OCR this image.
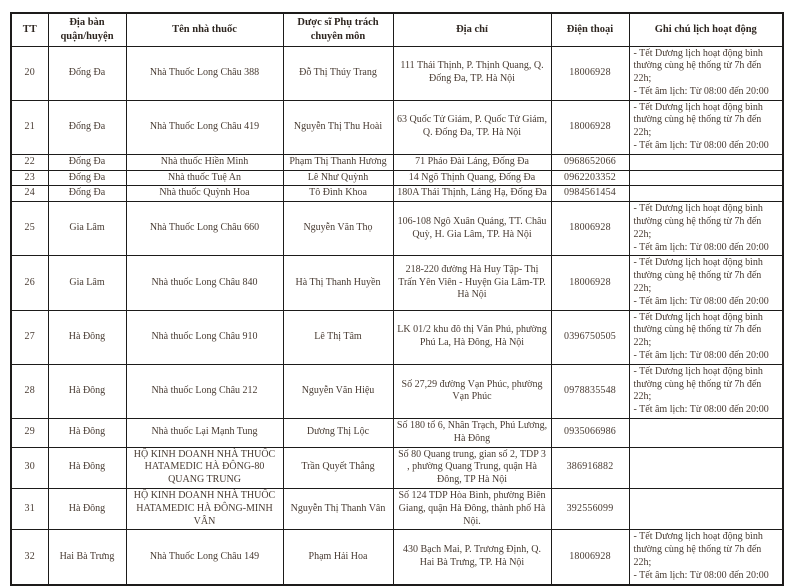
TT	Địa bàn quận/huyện	Tên nhà thuốc	Dược sĩ Phụ trách chuyên môn	Địa chỉ	Điện thoại	Ghi chú lịch hoạt động
20	Đống Đa	Nhà Thuốc Long Châu 388	Đỗ Thị Thúy Trang	111 Thái Thịnh, P. Thịnh Quang, Q. Đống Đa, TP. Hà Nội	18006928	- Tết Dương lịch hoạt động bình thường cùng hệ thống từ 7h đến 22h;
- Tết âm lịch: Từ 08:00 đến 20:00

21	Đống Đa	Nhà Thuốc Long Châu 419	Nguyễn Thị Thu Hoài	63 Quốc Tử Giám, P. Quốc Tử Giám, Q. Đống Đa, TP. Hà Nội	18006928	- Tết Dương lịch hoạt động bình thường cùng hệ thống từ 7h đến 22h;
- Tết âm lịch: Từ 08:00 đến 20:00

22	Đống Đa	Nhà thuốc Hiền Minh	Phạm Thị Thanh Hương	71 Pháo Đài Láng, Đống Đa	0968652066	
23	Đống Đa	Nhà thuốc Tuệ An	Lê Như Quỳnh	14 Ngõ Thịnh Quang, Đống Đa	0962203352	
24	Đống Đa	Nhà thuốc Quỳnh Hoa	Tô Đình Khoa	180A Thái Thịnh, Láng Hạ, Đống Đa	0984561454	
25	Gia Lâm	Nhà Thuốc Long Châu 660	Nguyễn Văn Thọ	106-108 Ngô Xuân Quảng, TT. Châu Quỳ, H. Gia Lâm, TP. Hà Nội	18006928	- Tết Dương lịch hoạt động bình thường cùng hệ thống từ 7h đến 22h;
- Tết âm lịch: Từ 08:00 đến 20:00

26	Gia Lâm	Nhà thuốc Long Châu 840	Hà Thị Thanh Huyền	218-220 đường Hà Huy Tập- Thị Trấn Yên Viên - Huyện Gia Lâm-TP. Hà Nội	18006928	- Tết Dương lịch hoạt động bình thường cùng hệ thống từ 7h đến 22h;
- Tết âm lịch: Từ 08:00 đến 20:00

27	Hà Đông	Nhà thuốc Long Châu 910	Lê Thị Tâm	LK 01/2 khu đô thị Văn Phú, phường Phú La, Hà Đông, Hà Nội	0396750505	- Tết Dương lịch hoạt động bình thường cùng hệ thống từ 7h đến 22h;
- Tết âm lịch: Từ 08:00 đến 20:00

28	Hà Đông	Nhà thuốc Long Châu 212	Nguyễn Văn Hiệu	Số 27,29 đường Vạn Phúc, phường Vạn Phúc	0978835548	- Tết Dương lịch hoạt động bình thường cùng hệ thống từ 7h đến 22h;
- Tết âm lịch: Từ 08:00 đến 20:00

29	Hà Đông	Nhà thuốc Lại Mạnh Tung	Dương Thị Lộc	Số 180 tổ 6, Nhân Trạch, Phú Lương, Hà Đông	0935066986	
30	Hà Đông	HỘ KINH DOANH NHÀ THUỐC HATAMEDIC HÀ ĐÔNG-80 QUANG TRUNG	Trần Quyết Thắng	Số 80 Quang trung, gian số 2, TDP 3 , phường Quang Trung, quận Hà Đông, TP Hà Nội	386916882	
31	Hà Đông	HỘ KINH DOANH NHÀ THUỐC HATAMEDIC HÀ ĐÔNG-MINH VÂN	Nguyễn Thị Thanh Vân	Số 124 TDP Hòa Bình, phường Biên Giang, quận Hà Đông, thành phố Hà Nội.	392556099	
32	Hai Bà Trưng	Nhà Thuốc Long Châu 149	Phạm Hải Hoa	430 Bạch Mai, P. Trương Định, Q. Hai Bà Trưng, TP. Hà Nội	18006928	- Tết Dương lịch hoạt động bình thường cùng hệ thống từ 7h đến 22h;
- Tết âm lịch: Từ 08:00 đến 20:00
